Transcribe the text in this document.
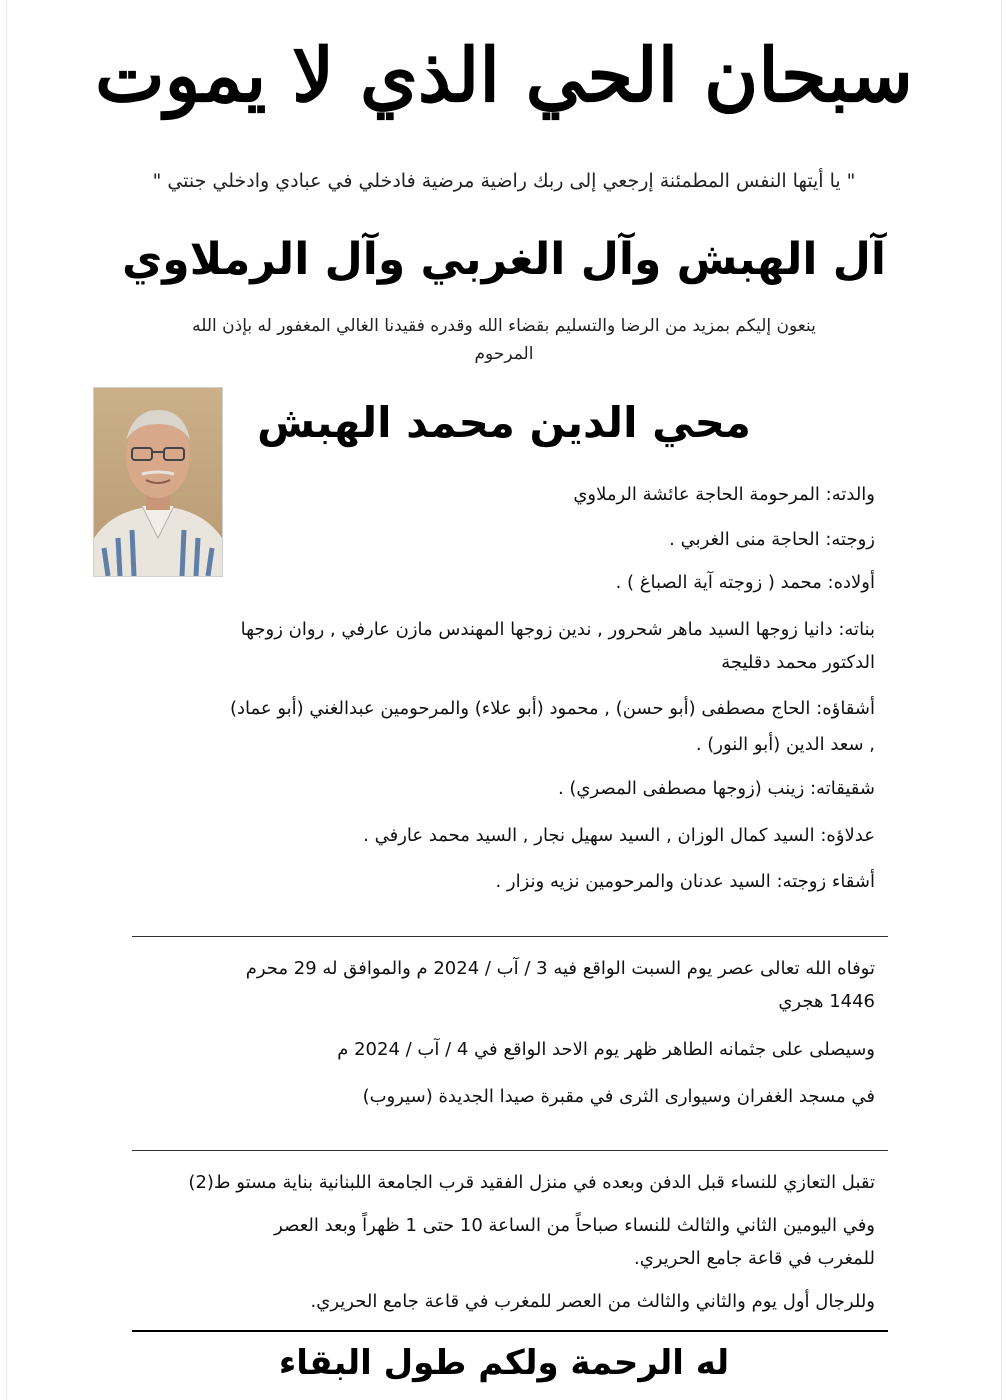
سبحان الحي الذي لا يموت
" يا أيتها النفس المطمئنة إرجعي إلى ربك راضية مرضية فادخلي في عبادي وادخلي جنتي "
آل الهبش وآل الغربي وآل الرملاوي
ينعون إليكم بمزيد من الرضا والتسليم بقضاء الله وقدره فقيدنا الغالي المغفور له بإذن الله
المرحوم
محي الدين محمد الهبش
والدته: المرحومة الحاجة عائشة الرملاوي
زوجته: الحاجة منى الغربي .
أولاده: محمد ( زوجته آية الصباغ ) .
بناته: دانيا زوجها السيد ماهر شحرور , ندين زوجها المهندس مازن عارفي , روان زوجها
الدكتور محمد دقليجة
أشقاؤه: الحاج مصطفى (أبو حسن) , محمود (أبو علاء) والمرحومين عبدالغني (أبو عماد)
, سعد الدين (أبو النور) .
شقيقاته: زينب (زوجها مصطفى المصري) .
عدلاؤه: السيد كمال الوزان , السيد سهيل نجار , السيد محمد عارفي .
أشقاء زوجته: السيد عدنان والمرحومين نزيه ونزار .
توفاه الله تعالى عصر يوم السبت الواقع فيه 3 / آب / 2024 م والموافق له 29 محرم
1446 هجري
وسيصلى على جثمانه الطاهر ظهر يوم الاحد الواقع في 4 / آب / 2024 م
في مسجد الغفران وسيوارى الثرى في مقبرة صيدا الجديدة (سيروب)
تقبل التعازي للنساء قبل الدفن وبعده في منزل الفقيد قرب الجامعة اللبنانية بناية مستو ط(2)
وفي اليومين الثاني والثالث للنساء صباحاً من الساعة 10 حتى 1 ظهراً وبعد العصر
للمغرب في قاعة جامع الحريري.
وللرجال أول يوم والثاني والثالث من العصر للمغرب في قاعة جامع الحريري.
له الرحمة ولكم طول البقاء
